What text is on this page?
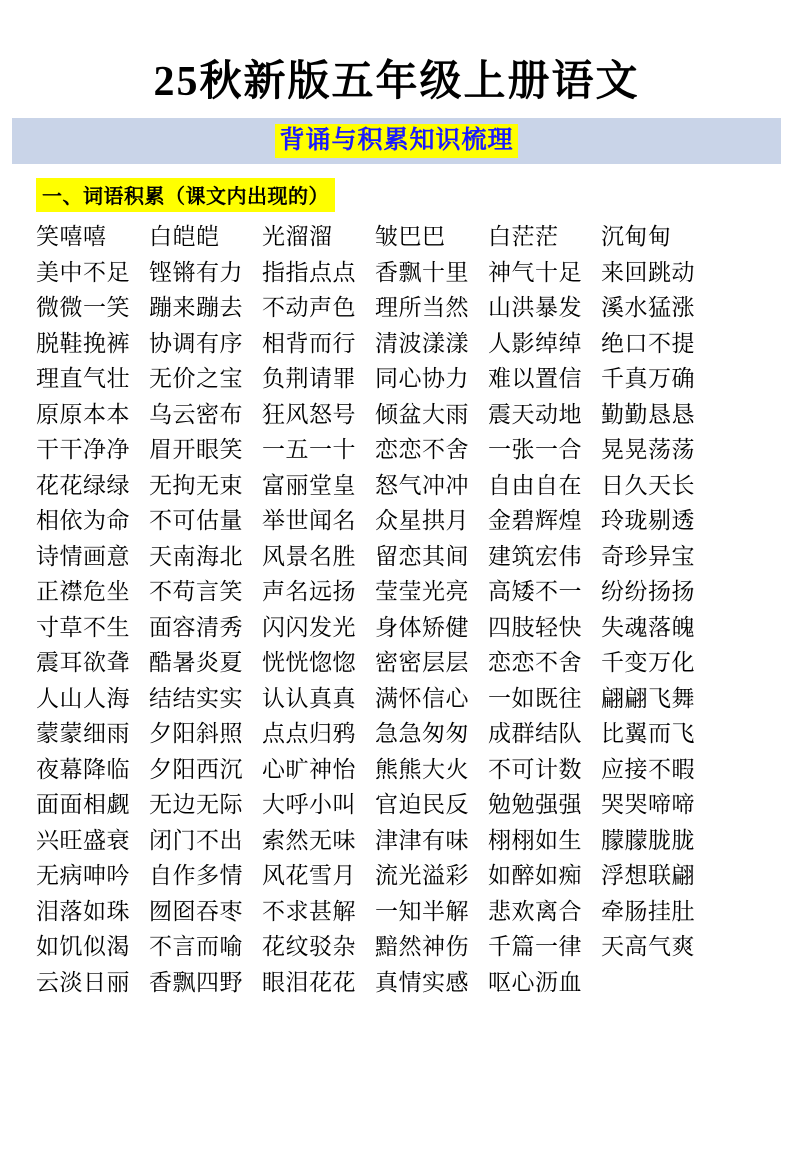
25秋新版五年级上册语文
背诵与积累知识梳理
一、词语积累（课文内出现的）
笑嘻嘻	白皑皑	光溜溜	皱巴巴	白茫茫	沉甸甸
美中不足 铿锵有力 指指点点 香飘十里 神气十足 来回跳动
微微一笑 蹦来蹦去 不动声色 理所当然 山洪暴发 溪水猛涨
脱鞋挽裤 协调有序 相背而行 清波漾漾 人影绰绰 绝口不提
理直气壮 无价之宝 负荆请罪 同心协力 难以置信 千真万确
原原本本 乌云密布 狂风怒号 倾盆大雨 震天动地 勤勤恳恳
干干净净 眉开眼笑 一五一十 恋恋不舍 一张一合 晃晃荡荡
花花绿绿 无拘无束 富丽堂皇 怒气冲冲 自由自在 日久天长
相依为命 不可估量 举世闻名 众星拱月 金碧辉煌 玲珑剔透
诗情画意 天南海北 风景名胜 留恋其间 建筑宏伟 奇珍异宝
正襟危坐 不苟言笑 声名远扬 莹莹光亮 高矮不一 纷纷扬扬
寸草不生 面容清秀 闪闪发光 身体矫健 四肢轻快 失魂落魄
震耳欲聋 酷暑炎夏 恍恍惚惚 密密层层 恋恋不舍 千变万化
人山人海 结结实实 认认真真 满怀信心 一如既往 翩翩飞舞
蒙蒙细雨 夕阳斜照 点点归鸦 急急匆匆 成群结队 比翼而飞
夜幕降临 夕阳西沉 心旷神怡 熊熊大火 不可计数 应接不暇
面面相觑 无边无际 大呼小叫 官迫民反 勉勉强强 哭哭啼啼
兴旺盛衰 闭门不出 索然无味 津津有味 栩栩如生 朦朦胧胧
无病呻吟 自作多情 风花雪月 流光溢彩 如醉如痴 浮想联翩
泪落如珠 囫囵吞枣 不求甚解 一知半解 悲欢离合 牵肠挂肚
如饥似渴 不言而喻 花纹驳杂 黯然神伤 千篇一律 天高气爽
云淡日丽 香飘四野 眼泪花花 真情实感 呕心沥血
